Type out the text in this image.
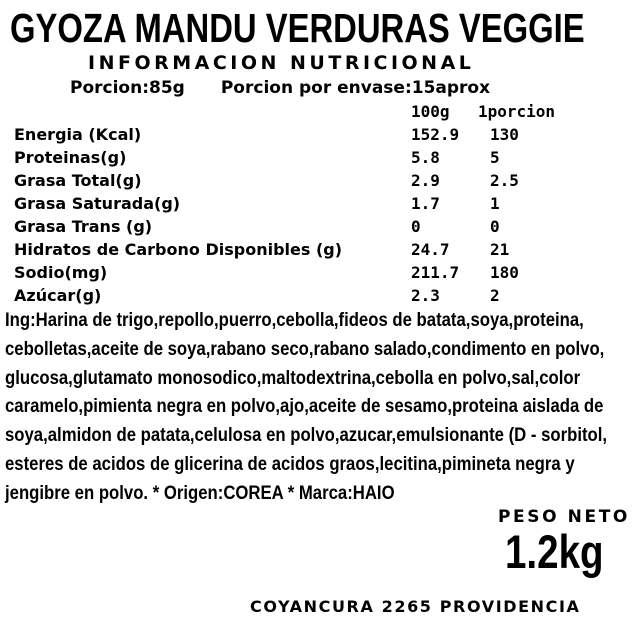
GYOZA MANDU VERDURAS VEGGIE
INFORMACION NUTRICIONAL
Porcion:85g Porcion por envase:15aprox
100g 1porcion
Energia (Kcal)	152.9 130
Proteinas(g)	5.8	5
Grasa Total(g)	2.9	2.5
Grasa Saturada(g)	1.7	1
Grasa Trans (g)	0	0
Hidratos de Carbono Disponibles (g)	24.7	21
Sodio(mg)	211.7 180
Azúcar(g)	2.3	2
Ing:Harina de trigo,repollo,puerro,cebolla,fideos de batata,soya,proteina,
cebolletas,aceite de soya,rabano seco,rabano salado,condimento en polvo,
glucosa,glutamato monosodico,maltodextrina,cebolla en polvo,sal,color
caramelo,pimienta negra en polvo,ajo,aceite de sesamo,proteina aislada de
soya,almidon de patata,celulosa en polvo,azucar,emulsionante (D - sorbitol,
esteres de acidos de glicerina de acidos graos,lecitina,pimineta negra y
jengibre en polvo. * Origen:COREA * Marca:HAIO
PESO NETO
1.2kg
COYANCURA 2265 PROVIDENCIA
